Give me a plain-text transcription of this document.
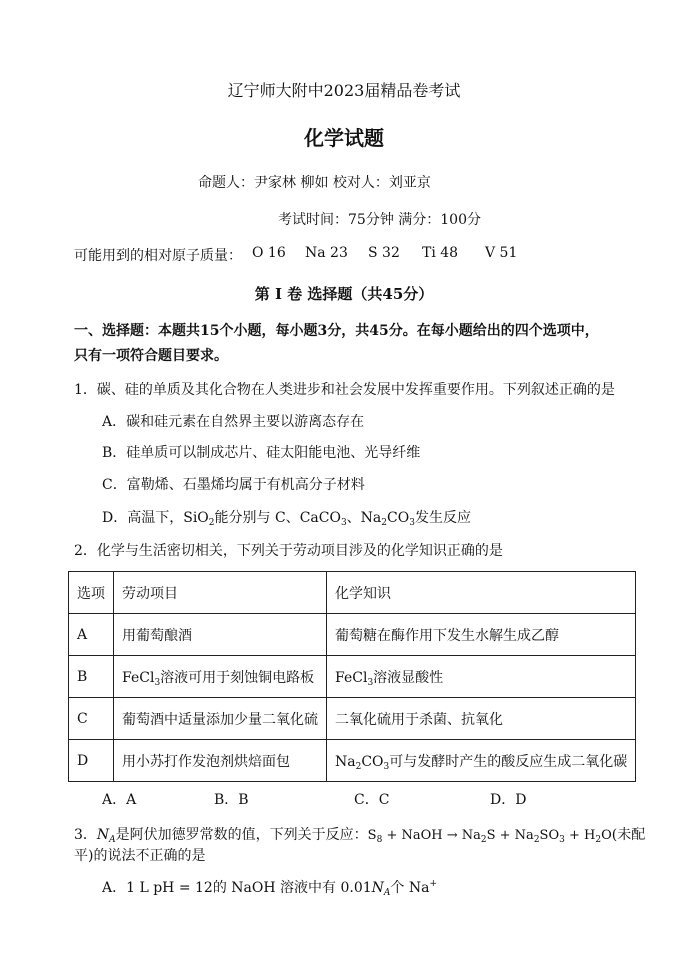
辽宁师大附中2023届精品卷考试
化学试题
命题人：尹家林 柳如 校对人：刘亚京
考试时间：75分钟 满分：100分
可能用到的相对原子质量： O 16 Na 23 S 32 Ti 48 V 51
第 Ⅰ 卷 选择题（共45分）
一、选择题：本题共15个小题，每小题3分，共45分。在每小题给出的四个选项中，
只有一项符合题目要求。
1．碳、硅的单质及其化合物在人类进步和社会发展中发挥重要作用。下列叙述正确的是
A．碳和硅元素在自然界主要以游离态存在
B．硅单质可以制成芯片、硅太阳能电池、光导纤维
C．富勒烯、石墨烯均属于有机高分子材料
D．高温下，SiO$_2$能分别与 C、CaCO$_3$、$Na_2CO_3$发生反应
2．化学与生活密切相关，下列关于劳动项目涉及的化学知识正确的是
选项	劳动项目	化学知识
A	用葡萄酿酒	葡萄糖在酶作用下发生水解生成乙醇
B	FeCl$_3$溶液可用于刻蚀铜电路板	FeCl$_3$溶液显酸性
C	葡萄酒中适量添加少量二氧化硫	二氧化硫用于杀菌、抗氧化
D	用小苏打作发泡剂烘焙面包	$Na_2CO_3$可与发酵时产生的酸反应生成二氧化碳
A．A	B．B	C．C	D．D
3．$N_A$是阿伏加德罗常数的值，下列关于反应：$S_8$ + NaOH → $Na_2S + Na_2SO_3 + H_2O$(未配
平)的说法不正确的是
A．1 L pH = 12的 NaOH 溶液中有 $0.01N_A$个 Na+
